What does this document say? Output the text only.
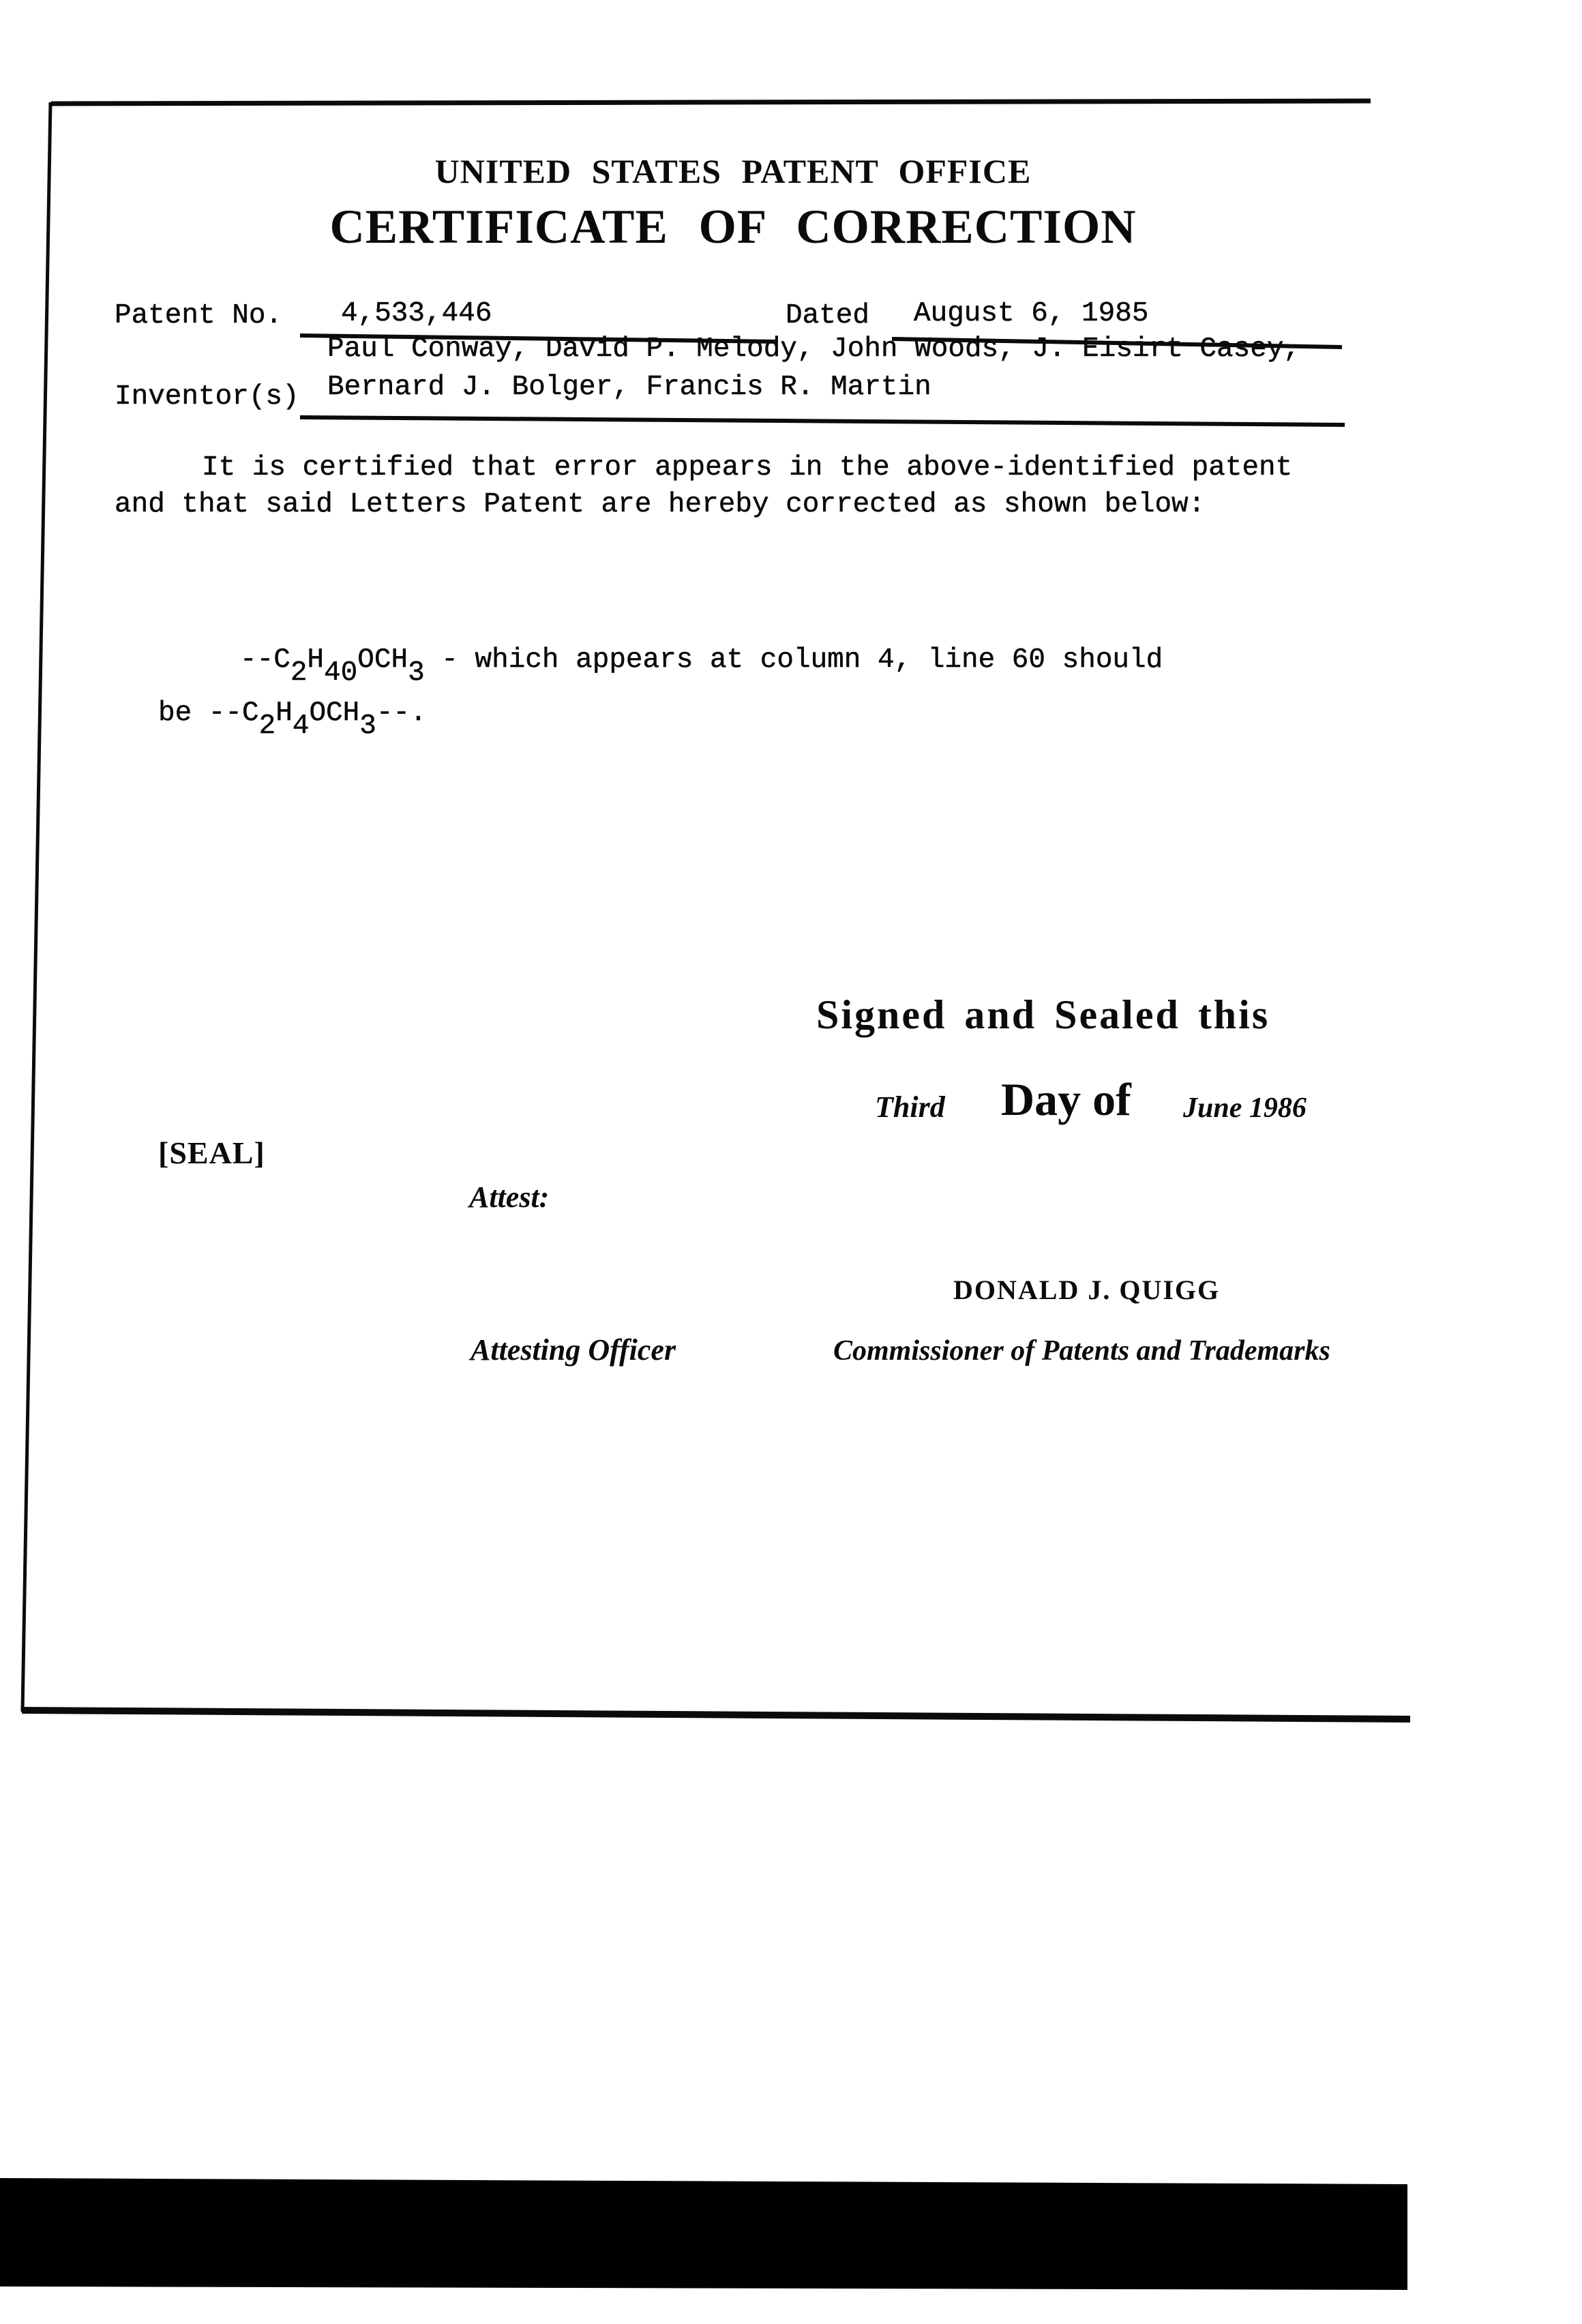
UNITED STATES PATENT OFFICE
CERTIFICATE OF CORRECTION
Patent No. 4,533,446	Dated August 6, 1985
Paul Conway, David P. Melody, John Woods, J. Eisirt Casey,
Bernard J. Bolger, Francis R. Martin
Inventor(s)
It is certified that error appears in the above-identified patent
and that said Letters Patent are hereby corrected as shown below:
--C2H40OCH3 - which appears at column 4, line 60 should
be --C2H4OCH3--.
Signed and Sealed this
Third Day of June 1986
[SEAL]
Attest:
DONALD J. QUIGG
Attesting Officer	Commissioner of Patents and Trademarks
